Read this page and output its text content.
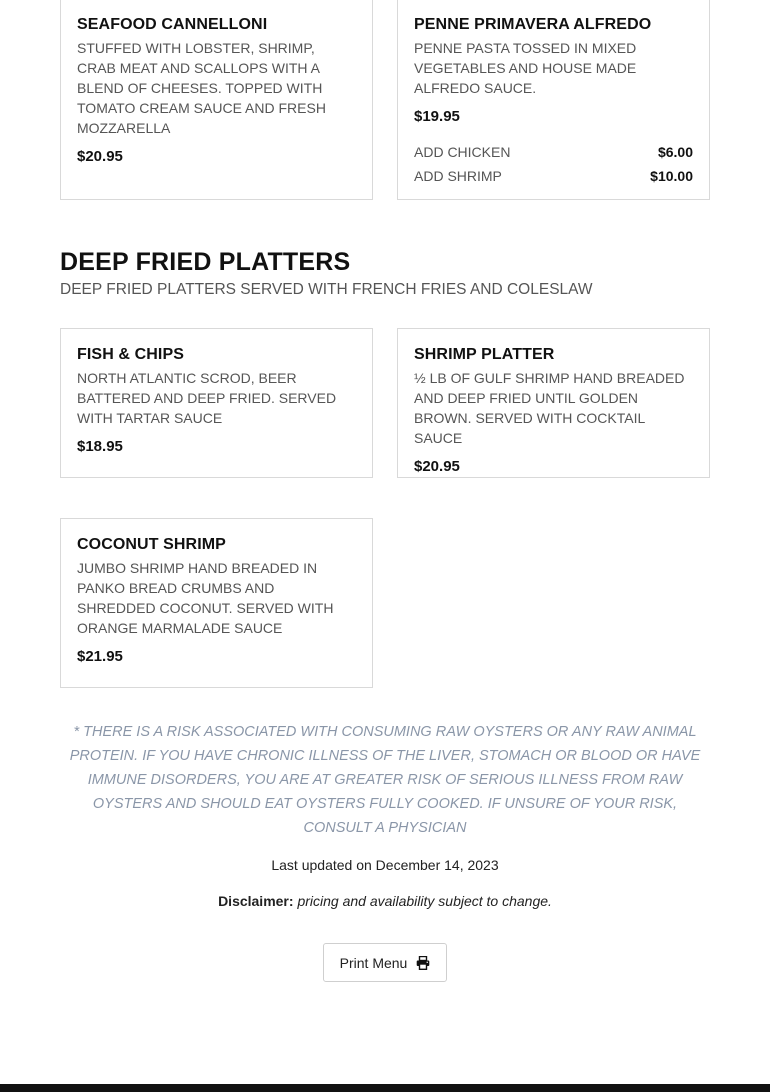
SEAFOOD CANNELLONI
STUFFED WITH LOBSTER, SHRIMP, CRAB MEAT AND SCALLOPS WITH A BLEND OF CHEESES. TOPPED WITH TOMATO CREAM SAUCE AND FRESH MOZZARELLA
$20.95
PENNE PRIMAVERA ALFREDO
PENNE PASTA TOSSED IN MIXED VEGETABLES AND HOUSE MADE ALFREDO SAUCE.
$19.95
ADD CHICKEN	$6.00
ADD SHRIMP	$10.00
DEEP FRIED PLATTERS
DEEP FRIED PLATTERS SERVED WITH FRENCH FRIES AND COLESLAW
FISH & CHIPS
NORTH ATLANTIC SCROD, BEER BATTERED AND DEEP FRIED. SERVED WITH TARTAR SAUCE
$18.95
SHRIMP PLATTER
½ LB OF GULF SHRIMP HAND BREADED AND DEEP FRIED UNTIL GOLDEN BROWN. SERVED WITH COCKTAIL SAUCE
$20.95
COCONUT SHRIMP
JUMBO SHRIMP HAND BREADED IN PANKO BREAD CRUMBS AND SHREDDED COCONUT. SERVED WITH ORANGE MARMALADE SAUCE
$21.95
* THERE IS A RISK ASSOCIATED WITH CONSUMING RAW OYSTERS OR ANY RAW ANIMAL PROTEIN. IF YOU HAVE CHRONIC ILLNESS OF THE LIVER, STOMACH OR BLOOD OR HAVE IMMUNE DISORDERS, YOU ARE AT GREATER RISK OF SERIOUS ILLNESS FROM RAW OYSTERS AND SHOULD EAT OYSTERS FULLY COOKED. IF UNSURE OF YOUR RISK, CONSULT A PHYSICIAN
Last updated on December 14, 2023
Disclaimer: pricing and availability subject to change.
Print Menu
